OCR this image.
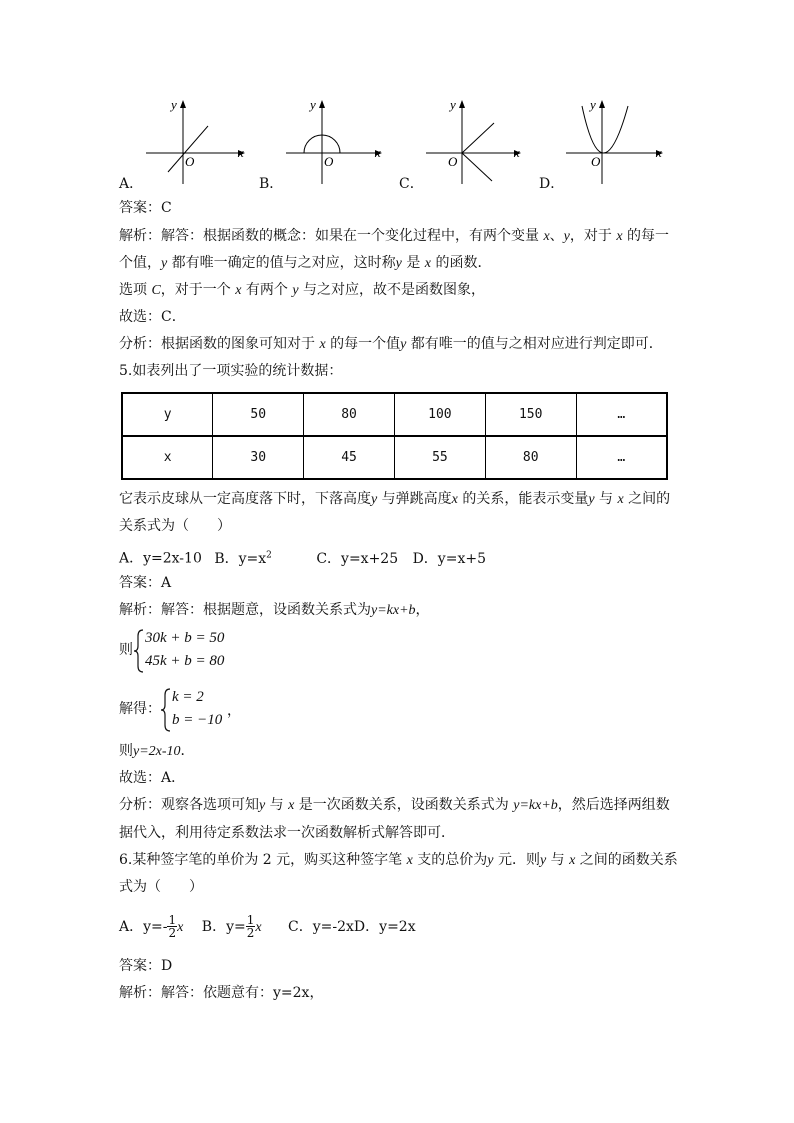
x
y
O
x
y
O
x
y
O
x
y
O
A．	B．	C．	D．
答案：C
解析：解答：根据函数的概念：如果在一个变化过程中，有两个变量 x、y，对于 x 的每一
个值，y 都有唯一确定的值与之对应，这时称y 是 x 的函数．
选项 C，对于一个 x 有两个 y 与之对应，故不是函数图象，
故选：C．
分析：根据函数的图象可知对于 x 的每一个值y 都有唯一的值与之相对应进行判定即可．
5.如表列出了一项实验的统计数据：
y	50	80	100	150	…
x	30	45	55	80	…
它表示皮球从一定高度落下时，下落高度y 与弹跳高度x 的关系，能表示变量y 与 x 之间的
关系式为（　　）
A．y=2x-10 B．$y=x^2$	C．y=x+25 D．y=x+5
答案：A
解析：解答：根据题意，设函数关系式为y=kx+b，
则
30k + b = 50
45k + b = 80
解得：
k = 2
b = −10
，
则y=2x-10．
故选：A．
分析：观察各选项可知y 与 x 是一次函数关系，设函数关系式为 y=kx+b，然后选择两组数
据代入，利用待定系数法求一次函数解析式解答即可．
6.某种签字笔的单价为 2 元，购买这种签字笔 x 支的总价为y 元．则y 与 x 之间的函数关系
式为（　　）
A．$y=- \frac{1}{2}$ x B．$y= \frac{1}{2}$ x C．y=-2xD．y=2x
答案：D
解析：解答：依题意有：y=2x，
